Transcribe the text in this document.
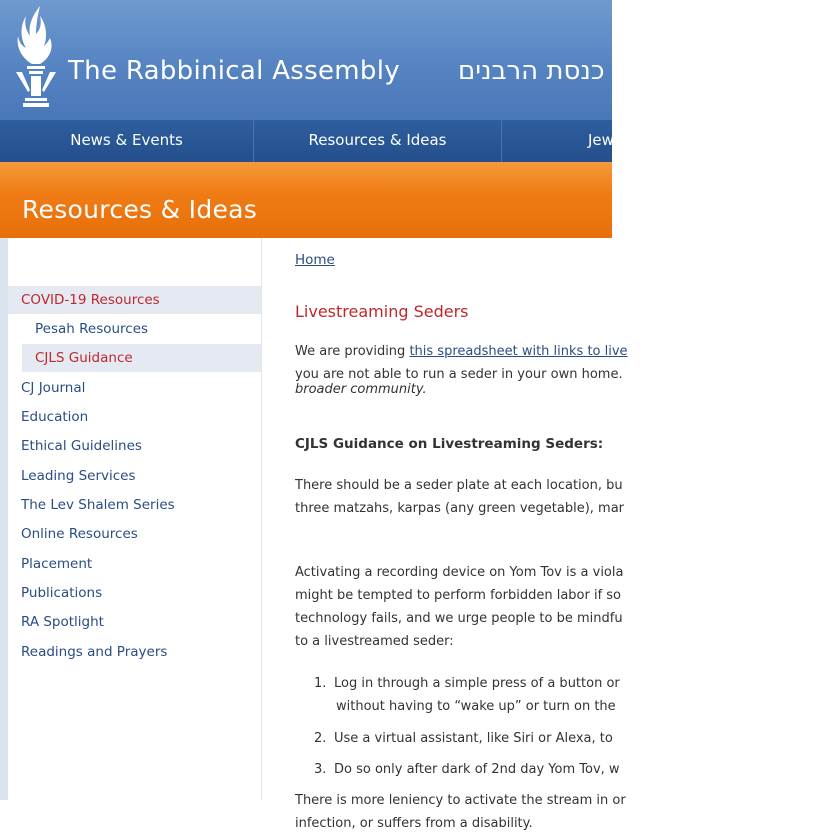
The Rabbinical Assembly כנסת הרבנים
News & Events	Resources & Ideas	Jew
Resources & Ideas
COVID-19 Resources
Pesah Resources
CJLS Guidance
CJ Journal
Education
Ethical Guidelines
Leading Services
The Lev Shalem Series
Online Resources
Placement
Publications
RA Spotlight
Readings and Prayers
Home
Livestreaming Seders
We are providing this spreadsheet with links to live
you are not able to run a seder in your own home.
broader community.
CJLS Guidance on Livestreaming Seders:
There should be a seder plate at each location, bu
three matzahs, karpas (any green vegetable), mar
Activating a recording device on Yom Tov is a viola
might be tempted to perform forbidden labor if so
technology fails, and we urge people to be mindfu
to a livestreamed seder:
1. Log in through a simple press of a button or
without having to “wake up” or turn on the
2. Use a virtual assistant, like Siri or Alexa, to
3. Do so only after dark of 2nd day Yom Tov, w
There is more leniency to activate the stream in or
infection, or suffers from a disability.
